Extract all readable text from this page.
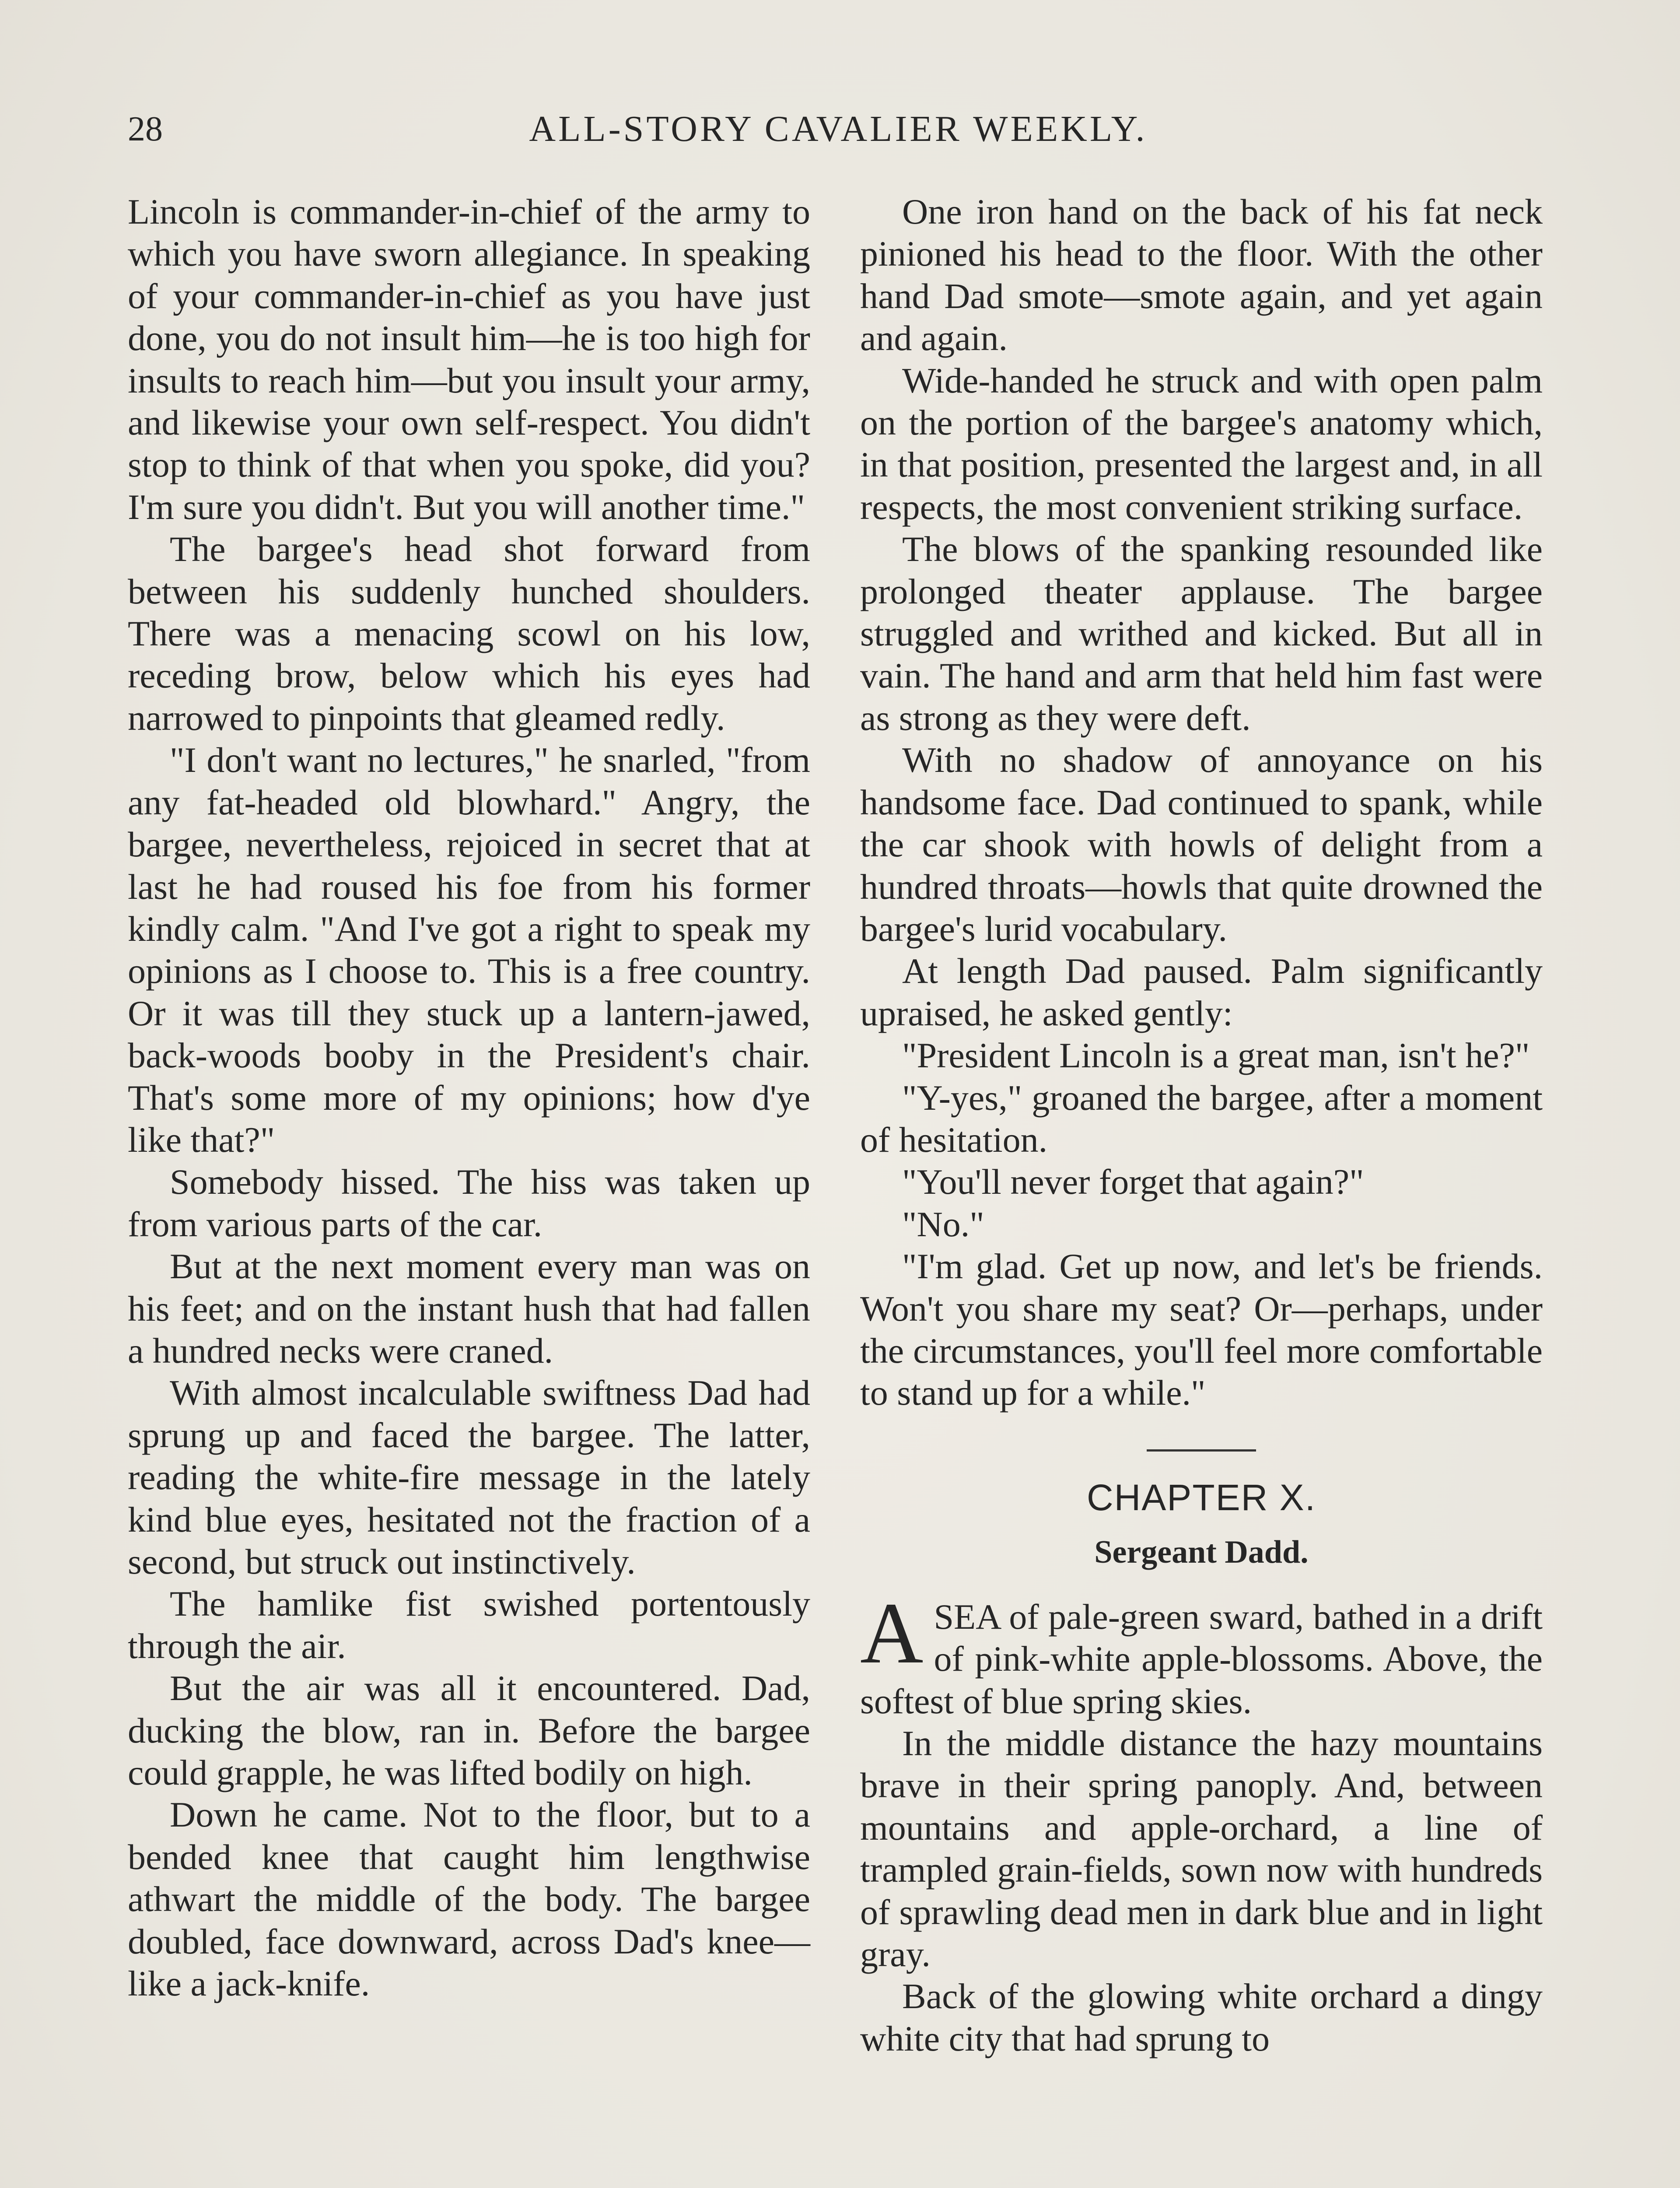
28	ALL-STORY CAVALIER WEEKLY.

Lincoln is commander-in-chief of the army to which you have sworn allegiance. In speaking of your commander-in-chief as you have just done, you do not insult him—he is too high for insults to reach him—but you insult your army, and likewise your own self-respect. You didn't stop to think of that when you spoke, did you? I'm sure you didn't. But you will another time."

The bargee's head shot forward from between his suddenly hunched shoulders. There was a menacing scowl on his low, receding brow, below which his eyes had narrowed to pinpoints that gleamed redly.

"I don't want no lectures," he snarled, "from any fat-headed old blowhard." Angry, the bargee, nevertheless, rejoiced in secret that at last he had roused his foe from his former kindly calm. "And I've got a right to speak my opinions as I choose to. This is a free country. Or it was till they stuck up a lantern-jawed, back-woods booby in the President's chair. That's some more of my opinions; how d'ye like that?"

Somebody hissed. The hiss was taken up from various parts of the car.

But at the next moment every man was on his feet; and on the instant hush that had fallen a hundred necks were craned.

With almost incalculable swiftness Dad had sprung up and faced the bargee. The latter, reading the white-fire message in the lately kind blue eyes, hesitated not the fraction of a second, but struck out instinctively.

The hamlike fist swished portentously through the air.

But the air was all it encountered. Dad, ducking the blow, ran in. Before the bargee could grapple, he was lifted bodily on high.

Down he came. Not to the floor, but to a bended knee that caught him lengthwise athwart the middle of the body. The bargee doubled, face downward, across Dad's knee—like a jack-knife.

One iron hand on the back of his fat neck pinioned his head to the floor. With the other hand Dad smote—smote again, and yet again and again.

Wide-handed he struck and with open palm on the portion of the bargee's anatomy which, in that position, presented the largest and, in all respects, the most convenient striking surface.

The blows of the spanking resounded like prolonged theater applause. The bargee struggled and writhed and kicked. But all in vain. The hand and arm that held him fast were as strong as they were deft.

With no shadow of annoyance on his handsome face. Dad continued to spank, while the car shook with howls of delight from a hundred throats—howls that quite drowned the bargee's lurid vocabulary.

At length Dad paused. Palm significantly upraised, he asked gently:

"President Lincoln is a great man, isn't he?"

"Y-yes," groaned the bargee, after a moment of hesitation.

"You'll never forget that again?"

"No."

"I'm glad. Get up now, and let's be friends. Won't you share my seat? Or—perhaps, under the circumstances, you'll feel more comfortable to stand up for a while."

CHAPTER X.
Sergeant Dadd.

ASEA of pale-green sward, bathed in a drift of pink-white apple-blossoms. Above, the softest of blue spring skies.

In the middle distance the hazy mountains brave in their spring panoply. And, between mountains and apple-orchard, a line of trampled grain-fields, sown now with hundreds of sprawling dead men in dark blue and in light gray.

Back of the glowing white orchard a dingy white city that had sprung to
